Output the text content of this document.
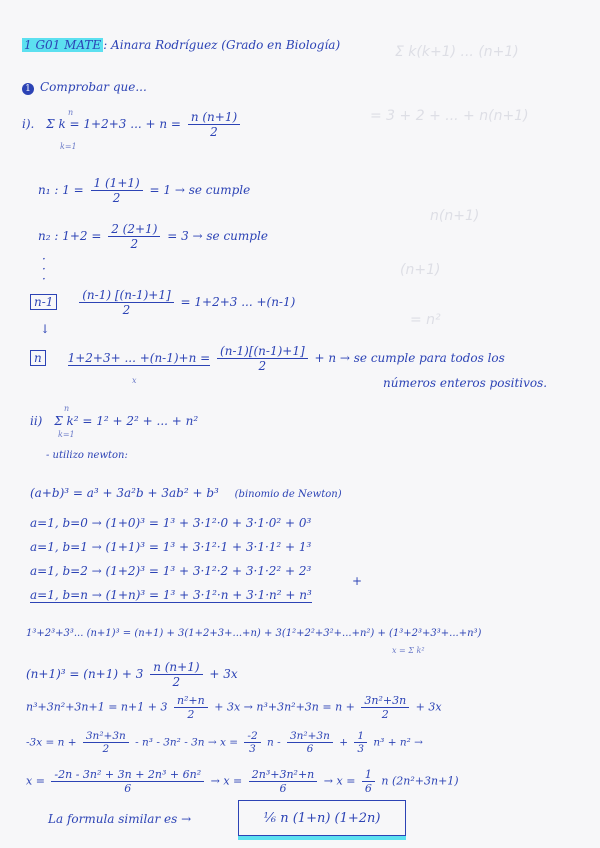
Σ k(k+1) ... (n+1)
= 3 + 2 + ... + n(n+1)
n(n+1)
(n+1)
= n²
1 G01 MATE : Ainara Rodríguez (Grado en Biología)
1 Comprobar que...
i). Σ k = 1+2+3 ... + $n = \frac{n (n+1)}{2}$
n
k=1
n₁ : $1 = \frac{1 (1+1)}{2} = 1$ → se cumple
n₂ : $1+2 = \frac{2 (2+1)}{2} = 3$ → se cumple
·
·
·
$n-1 \frac{(n-1) [(n-1)+1]}{2} = 1+2+3$ ... +(n-1)
↓
n 1+2+3+ ... $+(n-1)+n = \frac{(n-1)[(n-1)+1]}{2} + n$ → se cumple para todos los
números enteros positivos.
x
ii) Σ k² = 1² + 2² + ... + n²
n
k=1
- utilizo newton:
(a+b)³ = a³ + 3a²b + 3ab² + b³ (binomio de Newton)
a=1, b=0 → (1+0)³ = 1³ + 3·1²·0 + 3·1·0² + 0³
a=1, b=1 → (1+1)³ = 1³ + 3·1²·1 + 3·1·1² + 1³
a=1, b=2 → (1+2)³ = 1³ + 3·1²·2 + 3·1·2² + 2³
a=1, b=n → (1+n)³ = 1³ + 3·1²·n + 3·1·n² + n³
+
1³+2³+3³... (n+1)³ = (n+1) + 3(1+2+3+...+n) + 3(1²+2²+3²+...+n²) + (1³+2³+3³+...+n³)
x = Σ k²
$(n+1)^3 = (n+1) + 3 \frac{n (n+1)}{2} + 3x$
$n^3+3n^2+3n+1 = n+1 + 3 \frac{\text{n²+n}}{2} + 3x \to n^3+3n^2+3n = n + \frac{\text{3n²+3n}}{2} + 3x$
$-3x = n + \frac{\text{3n²+3n}}{2} - n^3 - 3n^2 - 3n \to x = \frac{-2}{3}$ $n - \frac{\text{3n²+3n}}{6} + \frac{1}{3} n^3 + n^2$ →
$x = \frac{\text{-2n - 3n² + 3n + 2n³ + 6n²}}{6} \to x = \frac{\text{2n³+3n²+n}}{6} \to x = \frac{1}{6}$ n (2n²+3n+1)
La formula similar es →	⅙ n (1+n) (1+2n)
